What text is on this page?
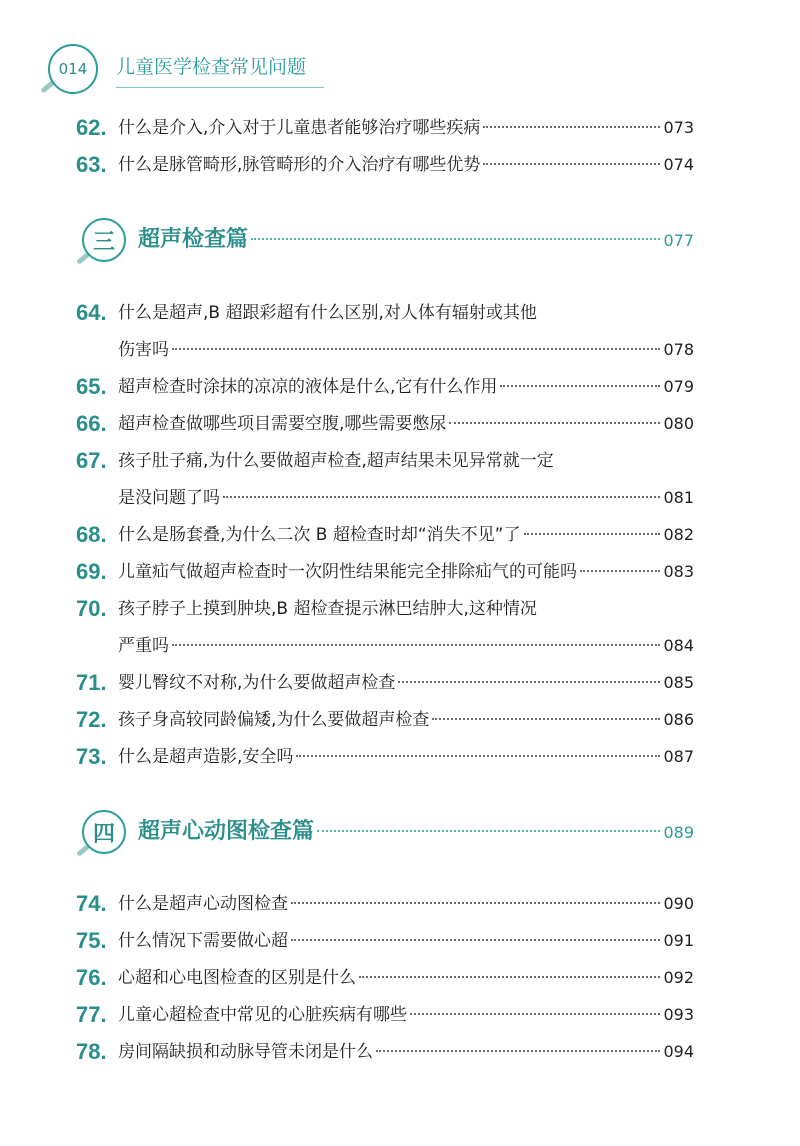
014	儿童医学检查常见问题
62. 什么是介入,介入对于儿童患者能够治疗哪些疾病	073
63. 什么是脉管畸形,脉管畸形的介入治疗有哪些优势	074
三	超声检查篇	077
64. 什么是超声,B 超跟彩超有什么区别,对人体有辐射或其他
伤害吗	078
65. 超声检查时涂抹的凉凉的液体是什么,它有什么作用	079
66. 超声检查做哪些项目需要空腹,哪些需要憋尿	080
67. 孩子肚子痛,为什么要做超声检查,超声结果未见异常就一定
是没问题了吗	081
68. 什么是肠套叠,为什么二次 B 超检查时却“消失不见”了	082
69. 儿童疝气做超声检查时一次阴性结果能完全排除疝气的可能吗	083
70. 孩子脖子上摸到肿块,B 超检查提示淋巴结肿大,这种情况
严重吗	084
71. 婴儿臀纹不对称,为什么要做超声检查	085
72. 孩子身高较同龄偏矮,为什么要做超声检查	086
73. 什么是超声造影,安全吗	087
四	超声心动图检查篇	089
74. 什么是超声心动图检查	090
75. 什么情况下需要做心超	091
76. 心超和心电图检查的区别是什么	092
77. 儿童心超检查中常见的心脏疾病有哪些	093
78. 房间隔缺损和动脉导管未闭是什么	094
